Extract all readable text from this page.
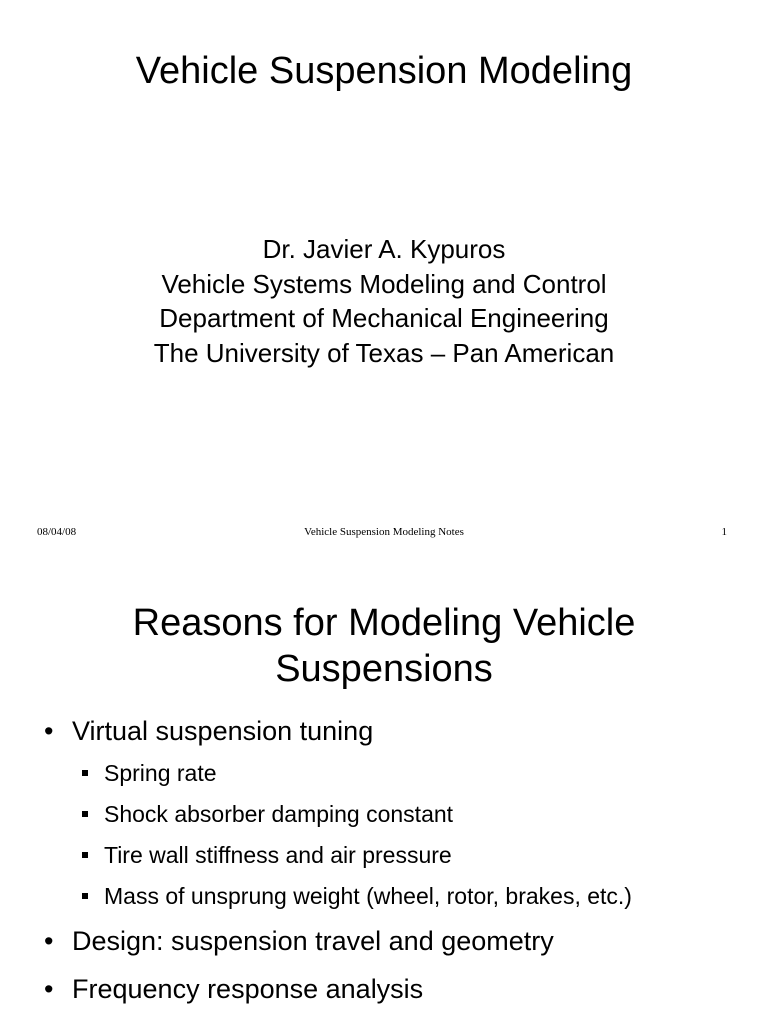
Vehicle Suspension Modeling
Dr. Javier A. Kypuros
Vehicle Systems Modeling and Control
Department of Mechanical Engineering
The University of Texas – Pan American
08/04/08	Vehicle Suspension Modeling Notes	1
Reasons for Modeling Vehicle
Suspensions
• Virtual suspension tuning
Spring rate
Shock absorber damping constant
Tire wall stiffness and air pressure
Mass of unsprung weight (wheel, rotor, brakes, etc.)
• Design: suspension travel and geometry
• Frequency response analysis
